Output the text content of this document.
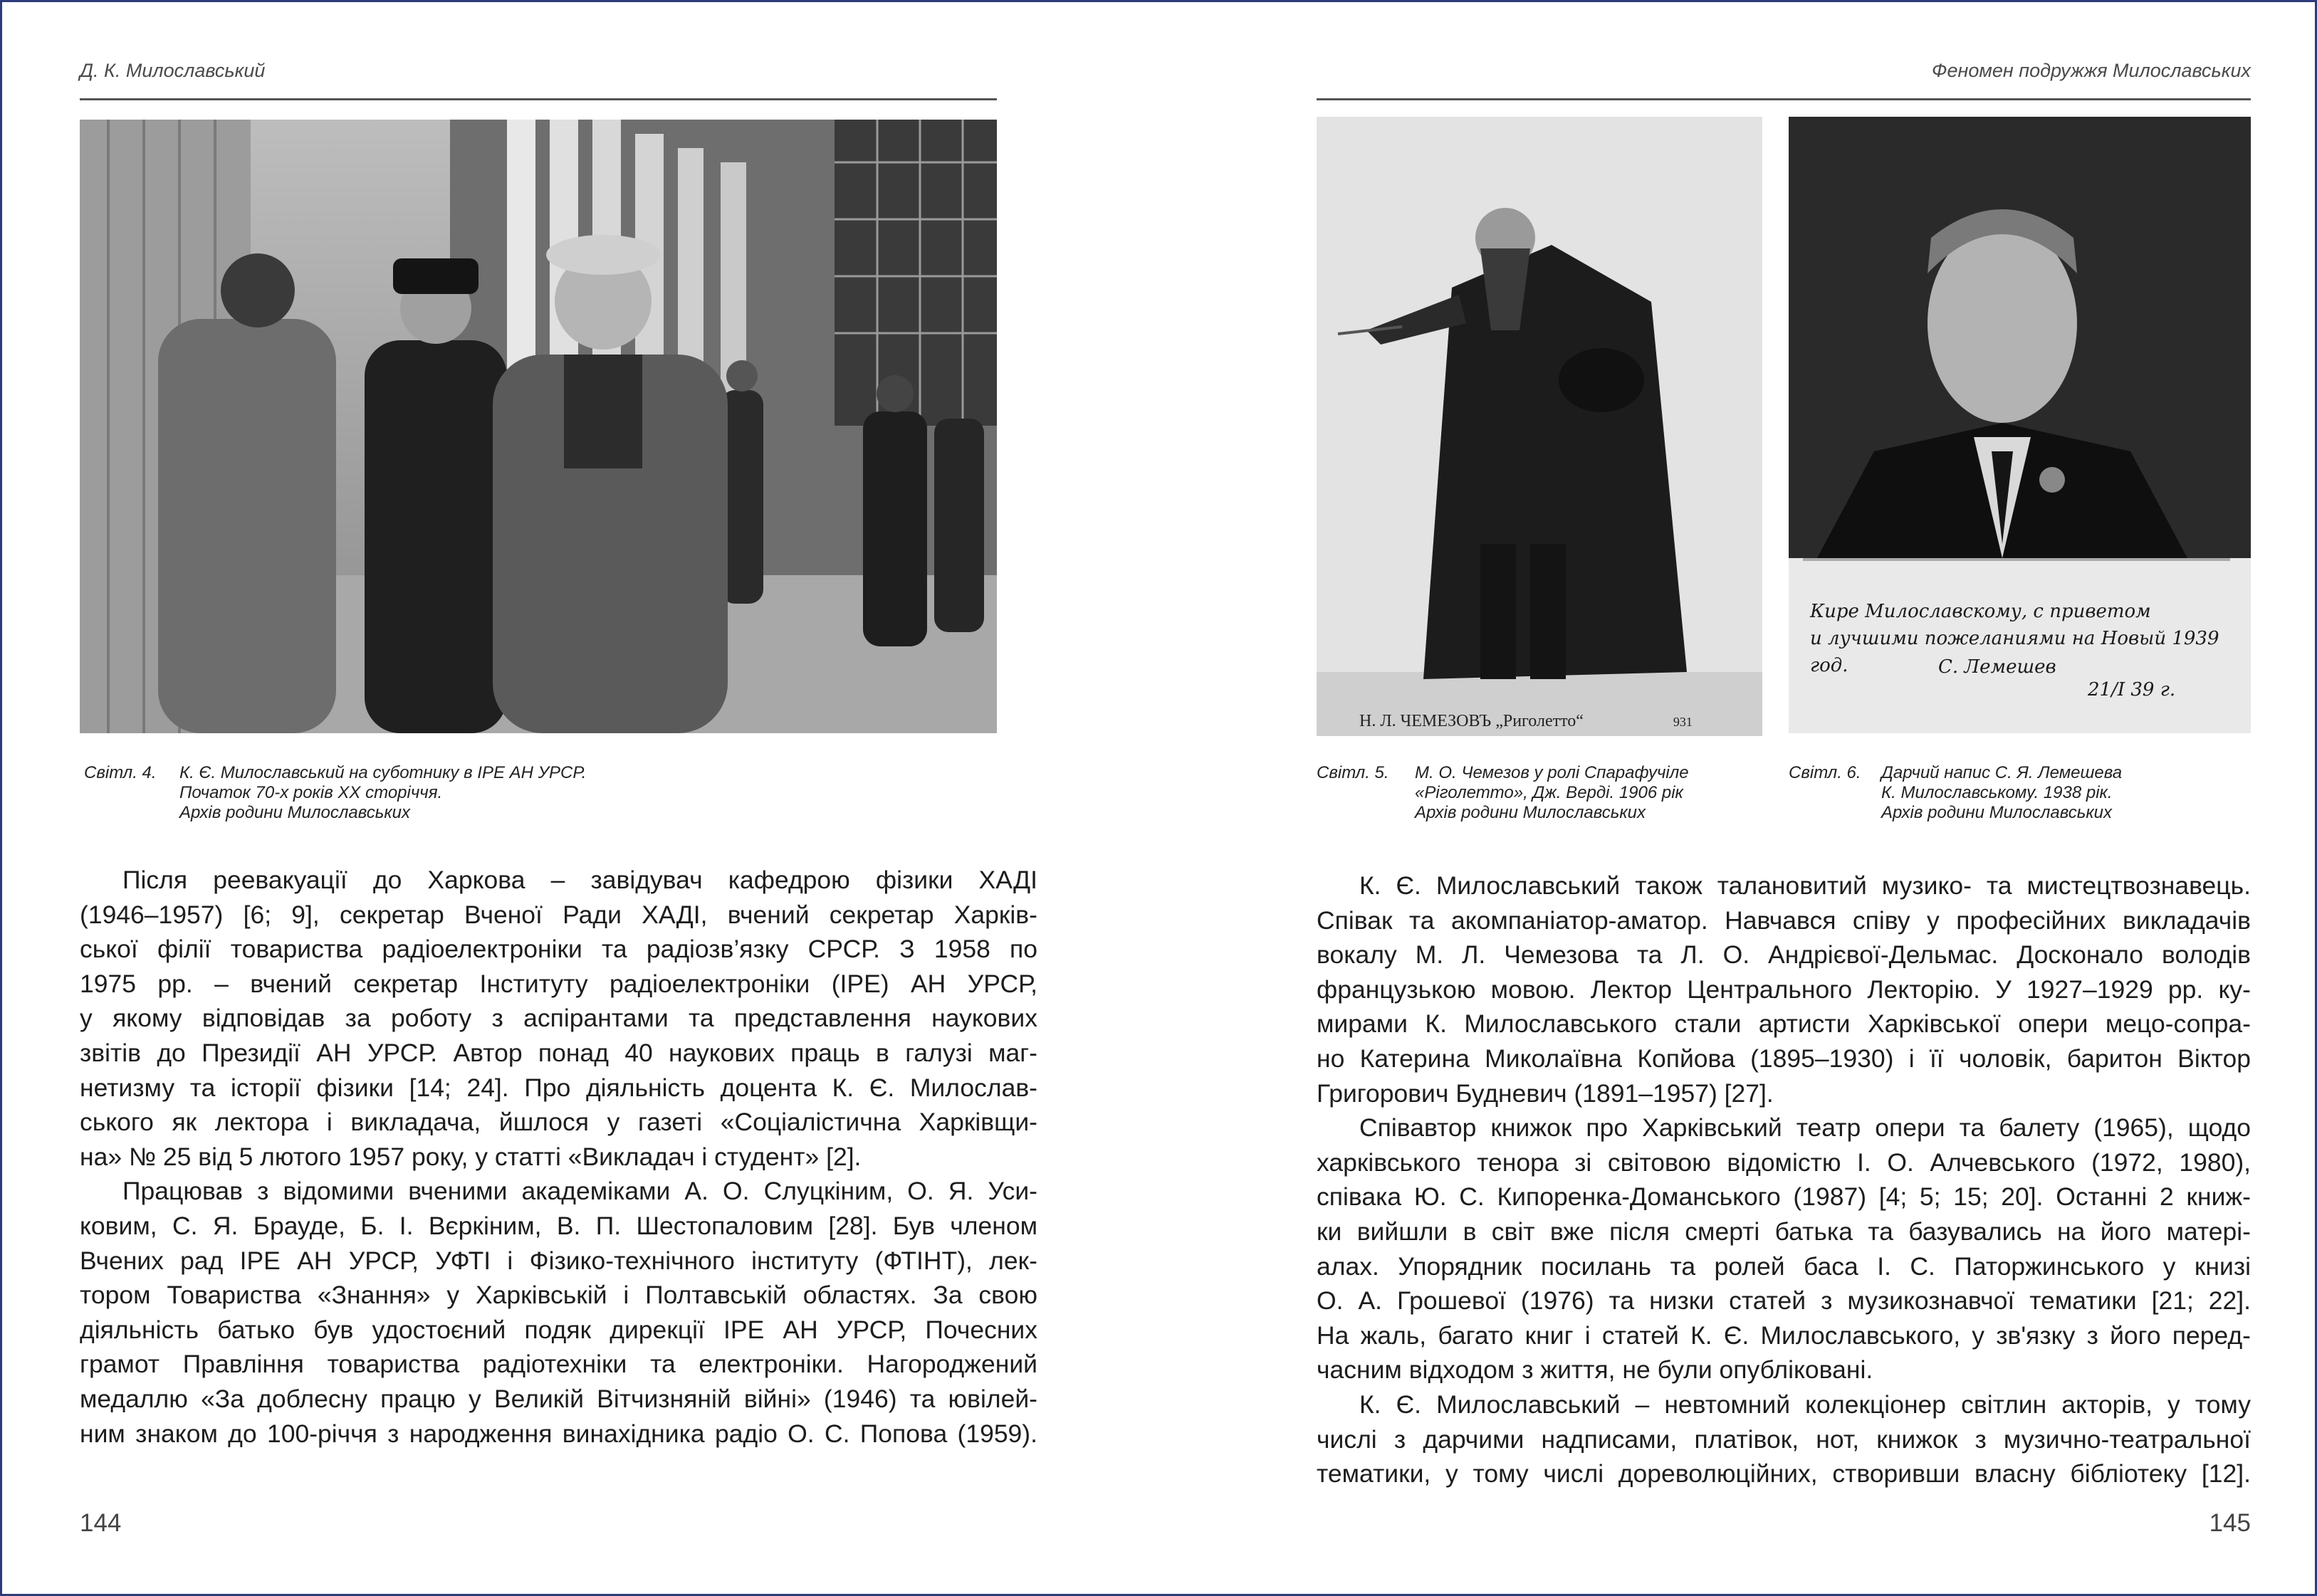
Д. К. Милославський
Світл. 4. К. Є. Милославський на суботнику в ІРЕ АН УРСР.
Початок 70-х років ХХ сторіччя.
Архів родини Милославських
Після реевакуації до Харкова – завідувач кафедрою фізики ХАДІ
(1946–1957) [6; 9], секретар Вченої Ради ХАДІ, вчений секретар Харків-
ської філії товариства радіоелектроніки та радіозв’язку СРСР. З 1958 по
1975 рр. – вчений секретар Інституту радіоелектроніки (ІРЕ) АН УРСР,
у якому відповідав за роботу з аспірантами та представлення наукових
звітів до Президії АН УРСР. Автор понад 40 наукових праць в галузі маг-
нетизму та історії фізики [14; 24]. Про діяльність доцента К. Є. Милослав-
ського як лектора і викладача, йшлося у газеті «Соціалістична Харківщи-
на» № 25 від 5 лютого 1957 року, у статті «Викладач і студент» [2].
Працював з відомими вченими академіками А. О. Слуцкіним, О. Я. Уси-
ковим, С. Я. Брауде, Б. І. Вєркіним, В. П. Шестопаловим [28]. Був членом
Вчених рад ІРЕ АН УРСР, УФТІ і Фізико-технічного інституту (ФТІНТ), лек-
тором Товариства «Знання» у Харківській і Полтавській областях. За свою
діяльність батько був удостоєний подяк дирекції ІРЕ АН УРСР, Почесних
грамот Правління товариства радіотехніки та електроніки. Нагороджений
медаллю «За доблесну працю у Великій Вітчизняній війні» (1946) та ювілей-
ним знаком до 100-річчя з народження винахідника радіо О. С. Попова (1959).
144
Феномен подружжя Милославських
Н. Л. ЧЕМЕЗОВЪ „Риголетто“	931
Кире Милославскому, с приветом
и лучшими пожеланиями на Новый 1939
год.	С. Лемешев
21/I 39 г.
Світл. 5. М. О. Чемезов у ролі Спарафучіле
«Ріголетто», Дж. Верді. 1906 рік
Архів родини Милославських
Світл. 6. Дарчий напис С. Я. Лемешева
К. Милославському. 1938 рік.
Архів родини Милославських
К. Є. Милославський також талановитий музико- та мистецтвознавець.
Співак та акомпаніатор-аматор. Навчався співу у професійних викладачів
вокалу М. Л. Чемезова та Л. О. Андрієвої-Дельмас. Досконало володів
французькою мовою. Лектор Центрального Лекторію. У 1927–1929 рр. ку-
мирами К. Милославського стали артисти Харківської опери мецо-сопра-
но Катерина Миколаївна Копйова (1895–1930) і її чоловік, баритон Віктор
Григорович Будневич (1891–1957) [27].
Співавтор книжок про Харківський театр опери та балету (1965), щодо
харківського тенора зі світовою відомістю І. О. Алчевського (1972, 1980),
співака Ю. С. Кипоренка-Доманського (1987) [4; 5; 15; 20]. Останні 2 книж-
ки вийшли в світ вже після смерті батька та базувались на його матері-
алах. Упорядник посилань та ролей баса І. С. Паторжинського у книзі
О. А. Грошевої (1976) та низки статей з музикознавчої тематики [21; 22].
На жаль, багато книг і статей К. Є. Милославського, у зв'язку з його перед-
часним відходом з життя, не були опубліковані.
К. Є. Милославський – невтомний колекціонер світлин акторів, у тому
числі з дарчими надписами, платівок, нот, книжок з музично-театральної
тематики, у тому числі дореволюційних, створивши власну бібліотеку [12].
145
